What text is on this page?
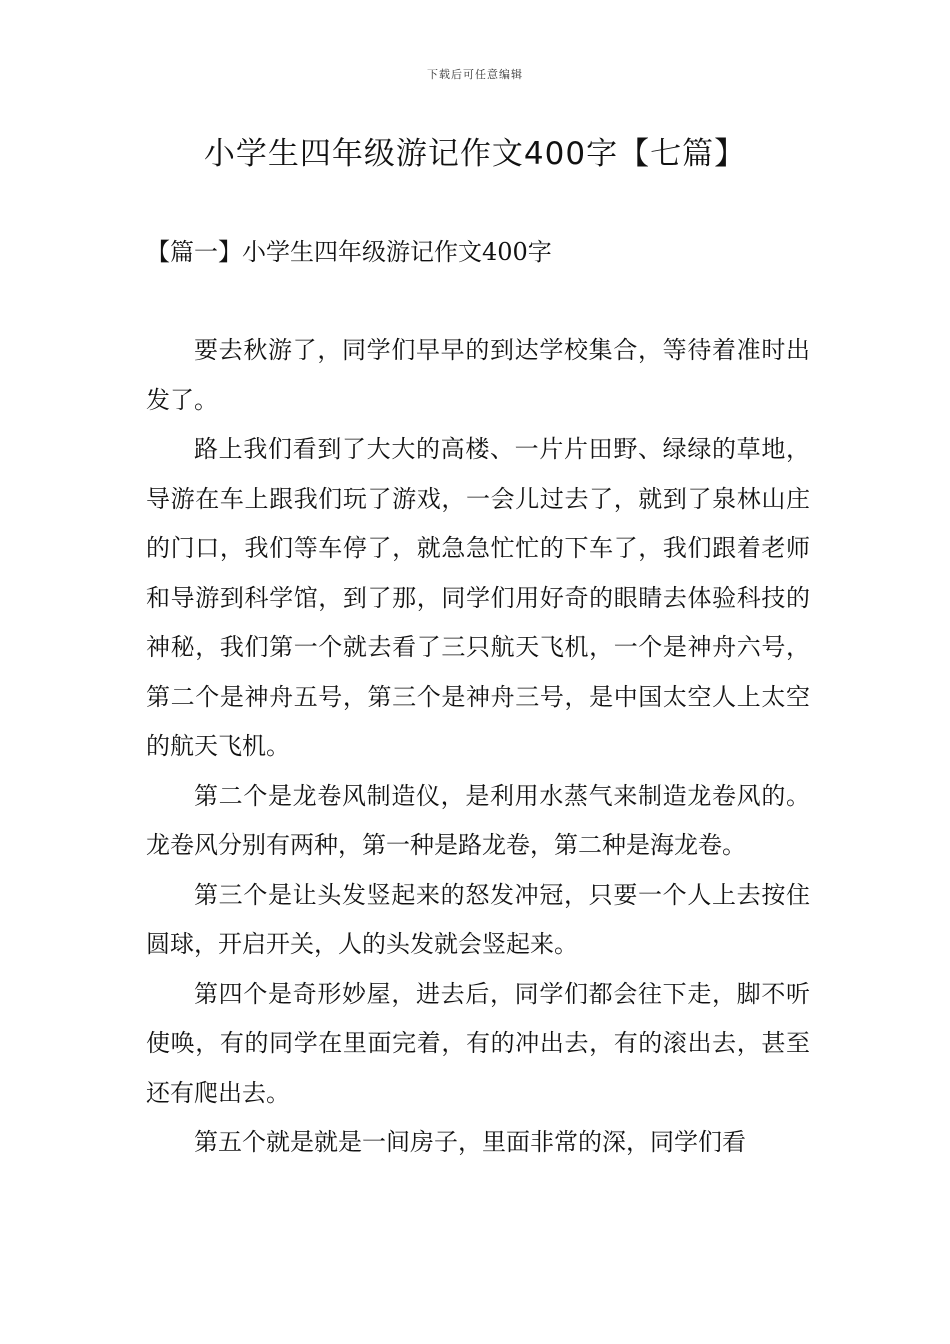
下载后可任意编辑
小学生四年级游记作文400字【七篇】
【篇一】小学生四年级游记作文400字

要去秋游了，同学们早早的到达学校集合，等待着准时出发了。

路上我们看到了大大的高楼、一片片田野、绿绿的草地，导游在车上跟我们玩了游戏，一会儿过去了，就到了泉林山庄的门口，我们等车停了，就急急忙忙的下车了，我们跟着老师和导游到科学馆，到了那，同学们用好奇的眼睛去体验科技的神秘，我们第一个就去看了三只航天飞机，一个是神舟六号，第二个是神舟五号，第三个是神舟三号，是中国太空人上太空的航天飞机。

第二个是龙卷风制造仪，是利用水蒸气来制造龙卷风的。龙卷风分别有两种，第一种是路龙卷，第二种是海龙卷。

第三个是让头发竖起来的怒发冲冠，只要一个人上去按住圆球，开启开关，人的头发就会竖起来。

第四个是奇形妙屋，进去后，同学们都会往下走，脚不听使唤，有的同学在里面完着，有的冲出去，有的滚出去，甚至还有爬出去。

第五个就是就是一间房子，里面非常的深，同学们看
